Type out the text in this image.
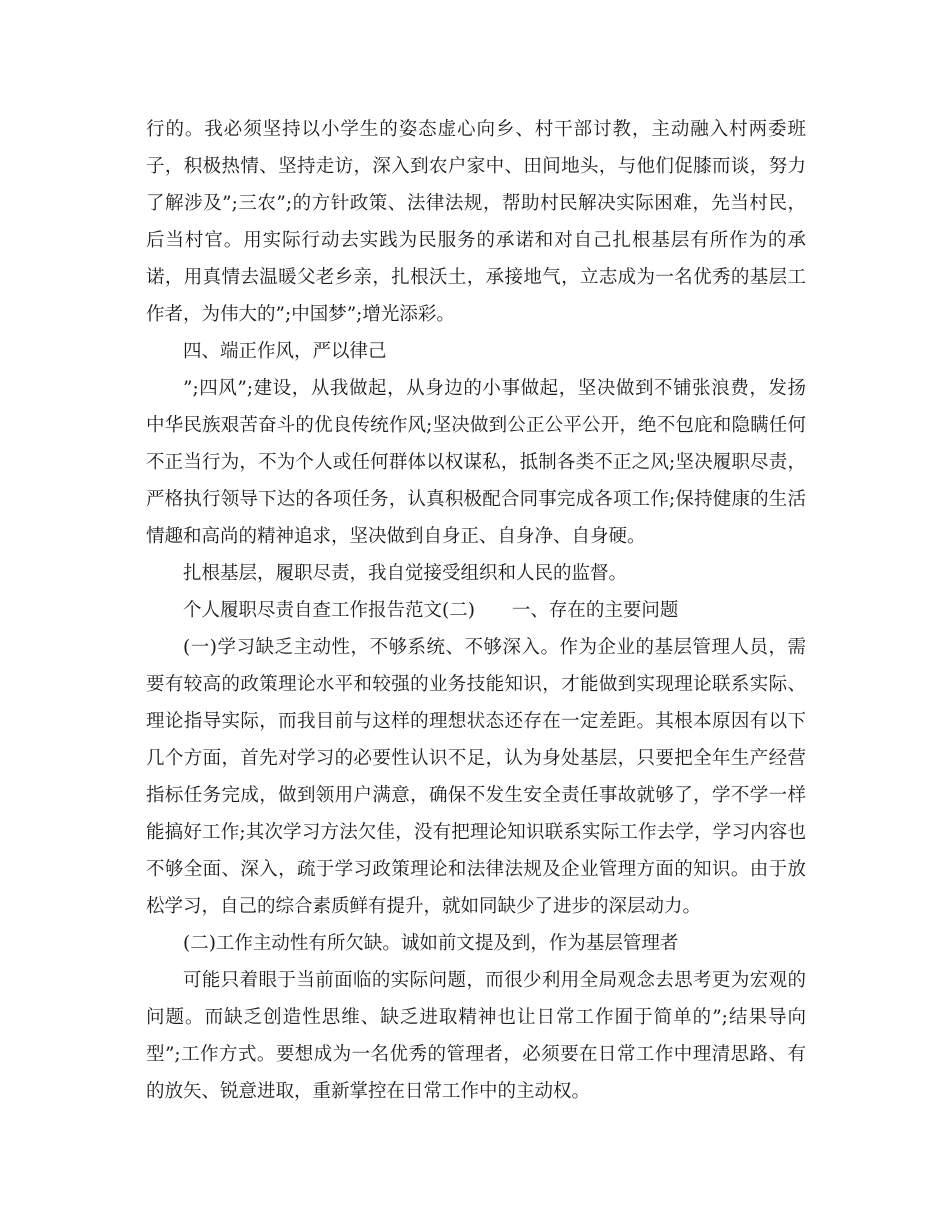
行的。我必须坚持以小学生的姿态虚心向乡、村干部讨教，主动融入村两委班

子，积极热情、坚持走访，深入到农户家中、田间地头，与他们促膝而谈，努力

了解涉及”;三农”;的方针政策、法律法规，帮助村民解决实际困难，先当村民，

后当村官。用实际行动去实践为民服务的承诺和对自己扎根基层有所作为的承

诺，用真情去温暖父老乡亲，扎根沃土，承接地气，立志成为一名优秀的基层工

作者，为伟大的”;中国梦”;增光添彩。

四、端正作风，严以律己

”;四风”;建设，从我做起，从身边的小事做起，坚决做到不铺张浪费，发扬

中华民族艰苦奋斗的优良传统作风;坚决做到公正公平公开，绝不包庇和隐瞒任何

不正当行为，不为个人或任何群体以权谋私，抵制各类不正之风;坚决履职尽责，

严格执行领导下达的各项任务，认真积极配合同事完成各项工作;保持健康的生活

情趣和高尚的精神追求，坚决做到自身正、自身净、自身硬。

扎根基层，履职尽责，我自觉接受组织和人民的监督。

个人履职尽责自查工作报告范文(二)　　一、存在的主要问题

(一)学习缺乏主动性，不够系统、不够深入。作为企业的基层管理人员，需

要有较高的政策理论水平和较强的业务技能知识，才能做到实现理论联系实际、

理论指导实际，而我目前与这样的理想状态还存在一定差距。其根本原因有以下

几个方面，首先对学习的必要性认识不足，认为身处基层，只要把全年生产经营

指标任务完成，做到领用户满意，确保不发生安全责任事故就够了，学不学一样

能搞好工作;其次学习方法欠佳，没有把理论知识联系实际工作去学，学习内容也

不够全面、深入，疏于学习政策理论和法律法规及企业管理方面的知识。由于放

松学习，自己的综合素质鲜有提升，就如同缺少了进步的深层动力。

(二)工作主动性有所欠缺。诚如前文提及到，作为基层管理者

可能只着眼于当前面临的实际问题，而很少利用全局观念去思考更为宏观的

问题。而缺乏创造性思维、缺乏进取精神也让日常工作囿于简单的”;结果导向

型”;工作方式。要想成为一名优秀的管理者，必须要在日常工作中理清思路、有

的放矢、锐意进取，重新掌控在日常工作中的主动权。
